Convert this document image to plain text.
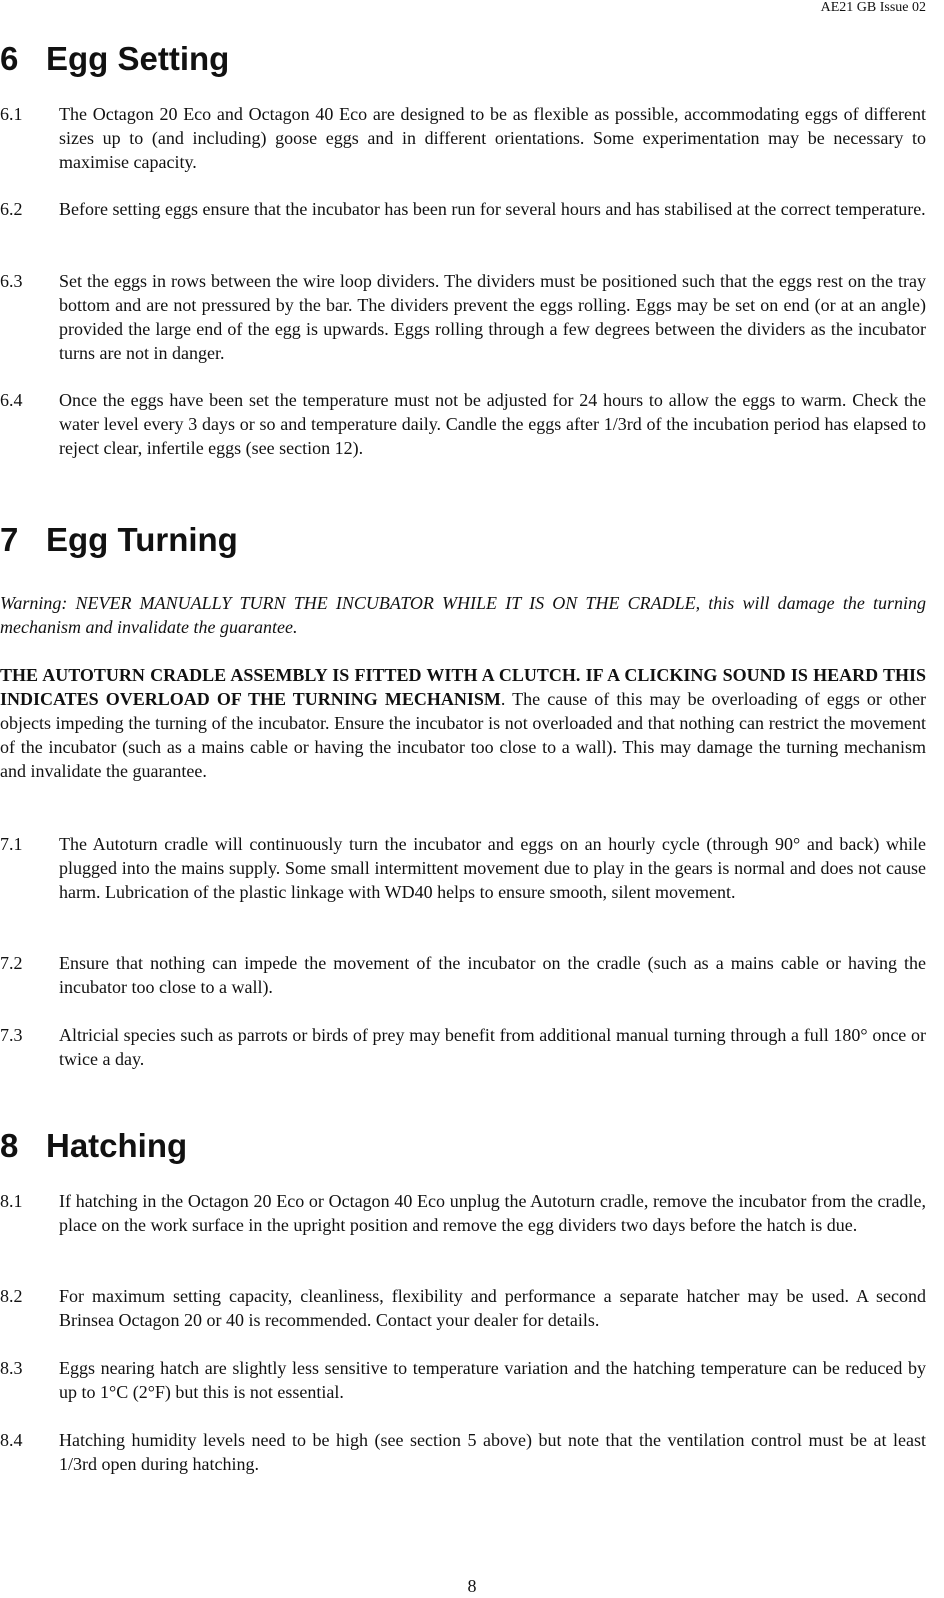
AE21 GB Issue 02
6 Egg Setting
6.1 The Octagon 20 Eco and Octagon 40 Eco are designed to be as flexible as possible, accommodating eggs of different sizes up to (and including) goose eggs and in different orientations. Some experimentation may be necessary to maximise capacity.
6.2 Before setting eggs ensure that the incubator has been run for several hours and has stabilised at the correct temperature.
6.3 Set the eggs in rows between the wire loop dividers. The dividers must be positioned such that the eggs rest on the tray bottom and are not pressured by the bar. The dividers prevent the eggs rolling. Eggs may be set on end (or at an angle) provided the large end of the egg is upwards. Eggs rolling through a few degrees between the dividers as the incubator turns are not in danger.
6.4 Once the eggs have been set the temperature must not be adjusted for 24 hours to allow the eggs to warm. Check the water level every 3 days or so and temperature daily. Candle the eggs after 1/3rd of the incubation period has elapsed to reject clear, infertile eggs (see section 12).
7 Egg Turning
Warning: NEVER MANUALLY TURN THE INCUBATOR WHILE IT IS ON THE CRADLE, this will damage the turning mechanism and invalidate the guarantee.
THE AUTOTURN CRADLE ASSEMBLY IS FITTED WITH A CLUTCH. IF A CLICKING SOUND IS HEARD THIS INDICATES OVERLOAD OF THE TURNING MECHANISM. The cause of this may be overloading of eggs or other objects impeding the turning of the incubator. Ensure the incubator is not overloaded and that nothing can restrict the movement of the incubator (such as a mains cable or having the incubator too close to a wall). This may damage the turning mechanism and invalidate the guarantee.
7.1 The Autoturn cradle will continuously turn the incubator and eggs on an hourly cycle (through 90° and back) while plugged into the mains supply. Some small intermittent movement due to play in the gears is normal and does not cause harm. Lubrication of the plastic linkage with WD40 helps to ensure smooth, silent movement.
7.2 Ensure that nothing can impede the movement of the incubator on the cradle (such as a mains cable or having the incubator too close to a wall).
7.3 Altricial species such as parrots or birds of prey may benefit from additional manual turning through a full 180° once or twice a day.
8 Hatching
8.1 If hatching in the Octagon 20 Eco or Octagon 40 Eco unplug the Autoturn cradle, remove the incubator from the cradle, place on the work surface in the upright position and remove the egg dividers two days before the hatch is due.
8.2 For maximum setting capacity, cleanliness, flexibility and performance a separate hatcher may be used. A second Brinsea Octagon 20 or 40 is recommended. Contact your dealer for details.
8.3 Eggs nearing hatch are slightly less sensitive to temperature variation and the hatching temperature can be reduced by up to 1°C (2°F) but this is not essential.
8.4 Hatching humidity levels need to be high (see section 5 above) but note that the ventilation control must be at least 1/3rd open during hatching.
8
